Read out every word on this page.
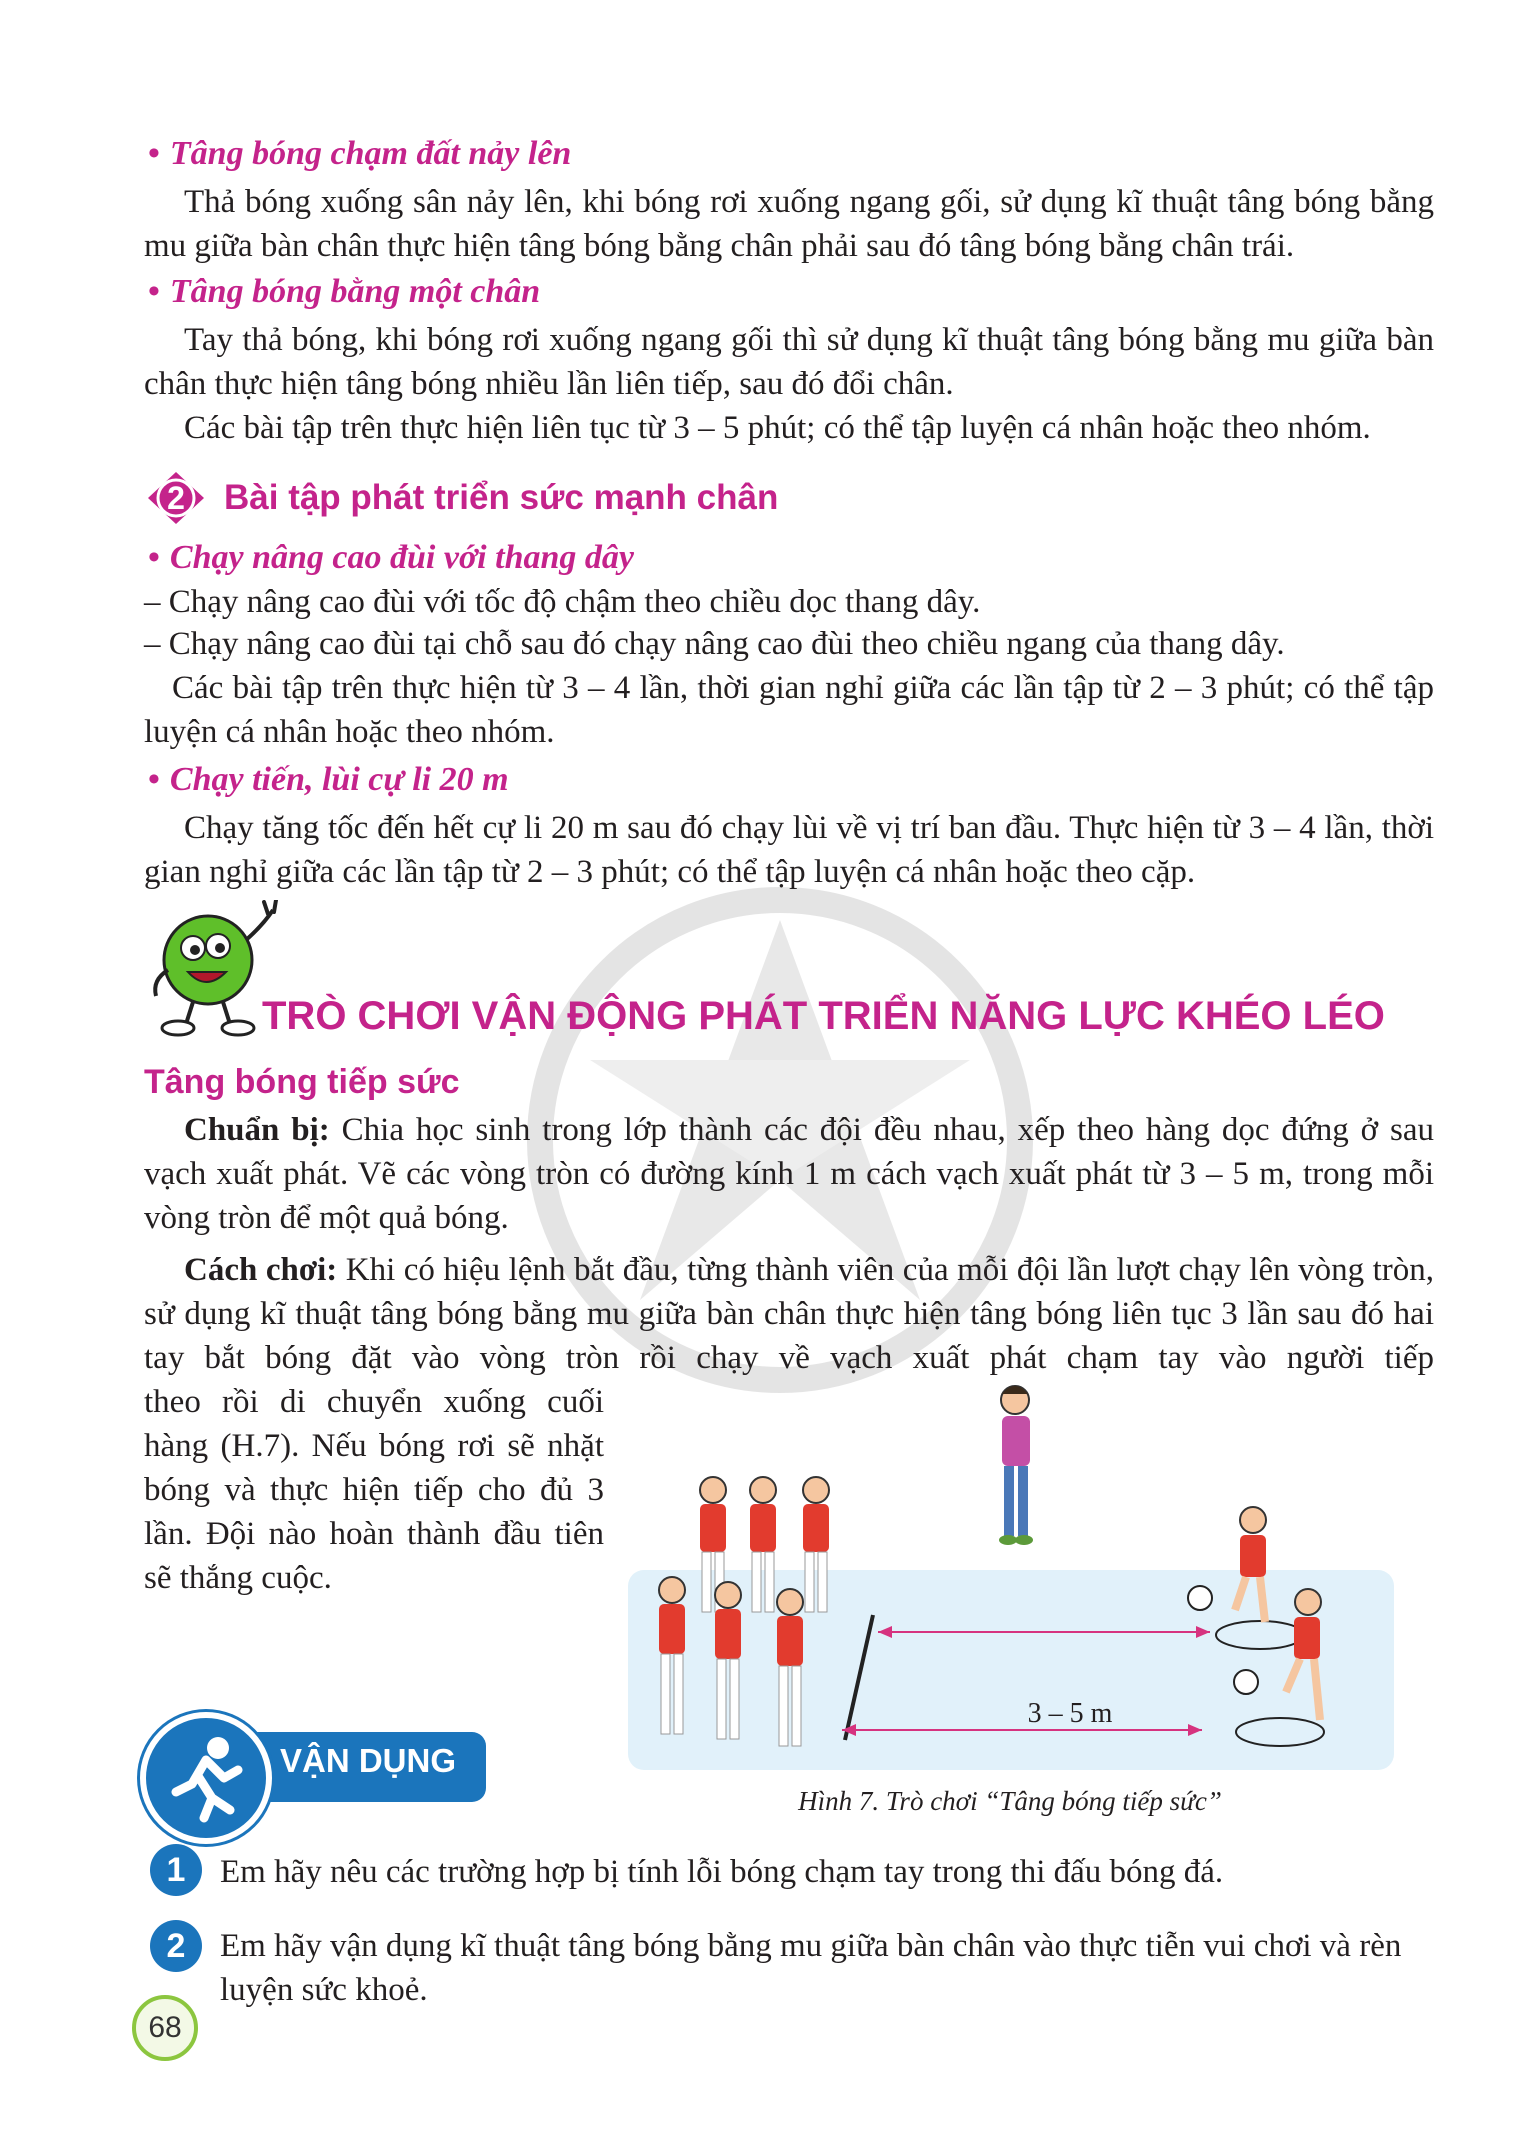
• Tâng bóng chạm đất nảy lên
Thả bóng xuống sân nảy lên, khi bóng rơi xuống ngang gối, sử dụng kĩ thuật tâng bóng bằng mu giữa bàn chân thực hiện tâng bóng bằng chân phải sau đó tâng bóng bằng chân trái.
• Tâng bóng bằng một chân
Tay thả bóng, khi bóng rơi xuống ngang gối thì sử dụng kĩ thuật tâng bóng bằng mu giữa bàn chân thực hiện tâng bóng nhiều lần liên tiếp, sau đó đổi chân.
Các bài tập trên thực hiện liên tục từ 3 – 5 phút; có thể tập luyện cá nhân hoặc theo nhóm.
2	Bài tập phát triển sức mạnh chân
• Chạy nâng cao đùi với thang dây
– Chạy nâng cao đùi với tốc độ chậm theo chiều dọc thang dây.
– Chạy nâng cao đùi tại chỗ sau đó chạy nâng cao đùi theo chiều ngang của thang dây.
Các bài tập trên thực hiện từ 3 – 4 lần, thời gian nghỉ giữa các lần tập từ 2 – 3 phút; có thể tập luyện cá nhân hoặc theo nhóm.
• Chạy tiến, lùi cự li 20 m
Chạy tăng tốc đến hết cự li 20 m sau đó chạy lùi về vị trí ban đầu. Thực hiện từ 3 – 4 lần, thời gian nghỉ giữa các lần tập từ 2 – 3 phút; có thể tập luyện cá nhân hoặc theo cặp.
TRÒ CHƠI VẬN ĐỘNG PHÁT TRIỂN NĂNG LỰC KHÉO LÉO
Tâng bóng tiếp sức
Chuẩn bị: Chia học sinh trong lớp thành các đội đều nhau, xếp theo hàng dọc đứng ở sau vạch xuất phát. Vẽ các vòng tròn có đường kính 1 m cách vạch xuất phát từ 3 – 5 m, trong mỗi vòng tròn để một quả bóng.
Cách chơi: Khi có hiệu lệnh bắt đầu, từng thành viên của mỗi đội lần lượt chạy lên vòng tròn, sử dụng kĩ thuật tâng bóng bằng mu giữa bàn chân thực hiện tâng bóng liên tục 3 lần sau đó hai tay bắt bóng đặt vào vòng tròn rồi chạy về vạch xuất phát chạm tay vào người tiếp
theo rồi di chuyển xuống cuối hàng (H.7). Nếu bóng rơi sẽ nhặt bóng và thực hiện tiếp cho đủ 3 lần. Đội nào hoàn thành đầu tiên sẽ thắng cuộc.
3 – 5 m
Hình 7. Trò chơi “Tâng bóng tiếp sức”
VẬN DỤNG
1	Em hãy nêu các trường hợp bị tính lỗi bóng chạm tay trong thi đấu bóng đá.
2	Em hãy vận dụng kĩ thuật tâng bóng bằng mu giữa bàn chân vào thực tiễn vui chơi và rèn luyện sức khoẻ.
68
